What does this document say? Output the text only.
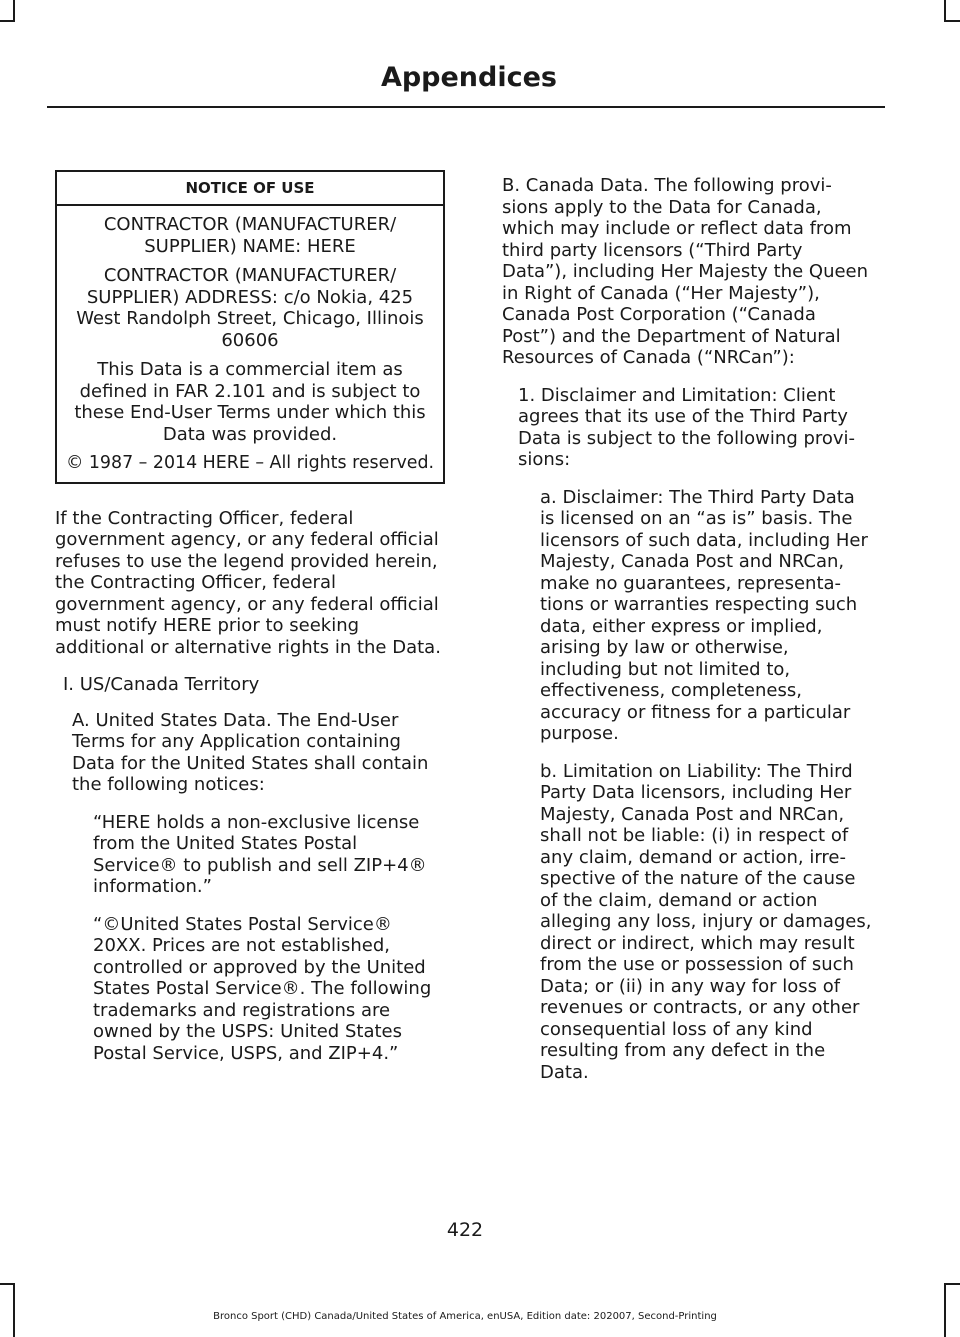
Appendices
NOTICE OF USE

CONTRACTOR (MANUFACTURER/ SUPPLIER) NAME: HERE

CONTRACTOR (MANUFACTURER/ SUPPLIER) ADDRESS: c/o Nokia, 425 West Randolph Street, Chicago, Illinois 60606

This Data is a commercial item as defined in FAR 2.101 and is subject to these End-User Terms under which this Data was provided.

© 1987 – 2014 HERE – All rights reserved.

If the Contracting Officer, federal government agency, or any federal official refuses to use the legend provided herein, the Contracting Officer, federal government agency, or any federal official must notify HERE prior to seeking additional or alternative rights in the Data.

I. US/Canada Territory

A. United States Data. The End-User Terms for any Application containing Data for the United States shall contain the following notices:

“HERE holds a non-exclusive license from the United States Postal Service® to publish and sell ZIP+4® information.”

“©United States Postal Service® 20XX. Prices are not established, controlled or approved by the United States Postal Service®. The following trademarks and registrations are owned by the USPS: United States Postal Service, USPS, and ZIP+4.”

B. Canada Data. The following provi- sions apply to the Data for Canada, which may include or reflect data from third party licensors (“Third Party Data”), including Her Majesty the Queen in Right of Canada (“Her Majesty”), Canada Post Corporation (“Canada Post”) and the Department of Natural Resources of Canada (“NRCan”):

1. Disclaimer and Limitation: Client agrees that its use of the Third Party Data is subject to the following provi- sions:

a. Disclaimer: The Third Party Data is licensed on an “as is” basis. The licensors of such data, including Her Majesty, Canada Post and NRCan, make no guarantees, representa- tions or warranties respecting such data, either express or implied, arising by law or otherwise, including but not limited to, effectiveness, completeness, accuracy or fitness for a particular purpose.

b. Limitation on Liability: The Third Party Data licensors, including Her Majesty, Canada Post and NRCan, shall not be liable: (i) in respect of any claim, demand or action, irre- spective of the nature of the cause of the claim, demand or action alleging any loss, injury or damages, direct or indirect, which may result from the use or possession of such Data; or (ii) in any way for loss of revenues or contracts, or any other consequential loss of any kind resulting from any defect in the Data.

422
Bronco Sport (CHD) Canada/United States of America, enUSA, Edition date: 202007, Second-Printing
